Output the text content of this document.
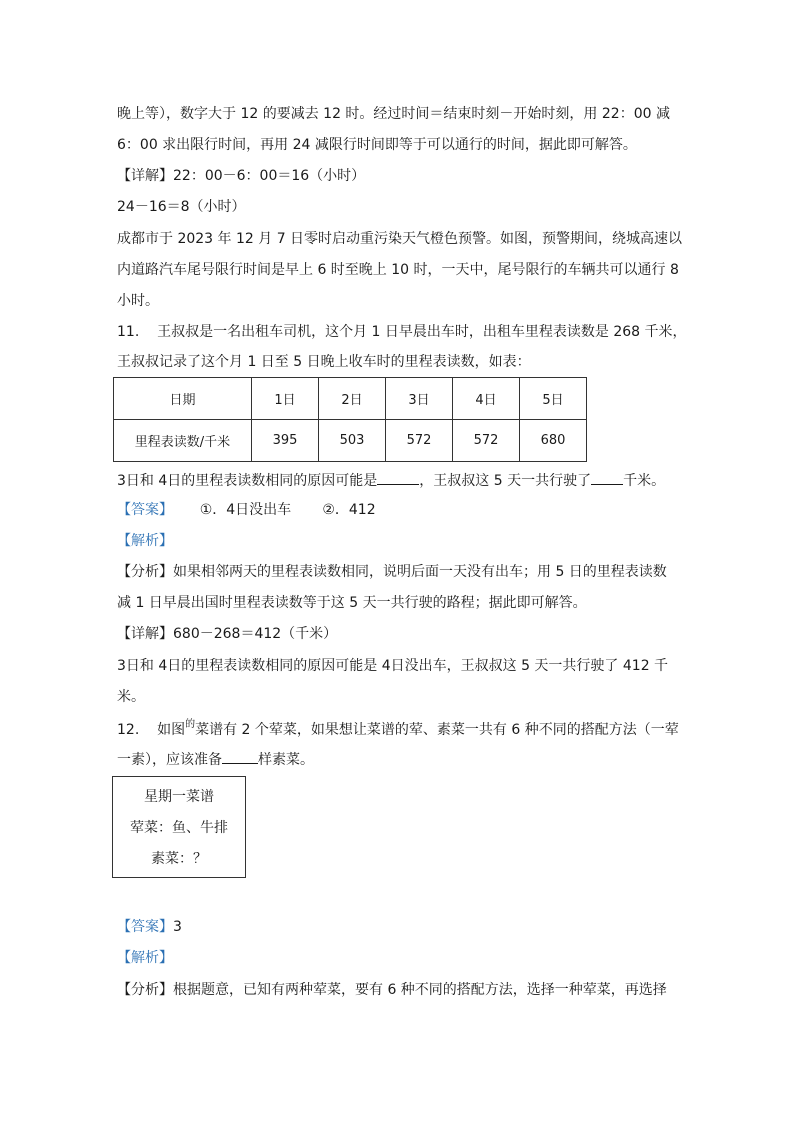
晚上等），数字大于 12 的要减去 12 时。经过时间＝结束时刻－开始时刻，用 22：00 减
6：00 求出限行时间，再用 24 减限行时间即等于可以通行的时间，据此即可解答。
【详解】22：00－6：00＝16（小时）
24－16＝8（小时）
成都市于 2023 年 12 月 7 日零时启动重污染天气橙色预警。如图，预警期间，绕城高速以
内道路汽车尾号限行时间是早上 6 时至晚上 10 时，一天中，尾号限行的车辆共可以通行 8
小时。
11. 王叔叔是一名出租车司机，这个月 1 日早晨出车时，出租车里程表读数是 268 千米，
王叔叔记录了这个月 1 日至 5 日晚上收车时的里程表读数，如表：
日期	1日	2日	3日	4日	5日
里程表读数/千米	395	503	572	572	680
3日和 4日的里程表读数相同的原因可能是	，王叔叔这 5 天一共行驶了 千米。
【答案】 ①．4日没出车 ②．412
【解析】
【分析】如果相邻两天的里程表读数相同，说明后面一天没有出车；用 5 日的里程表读数
减 1 日早晨出国时里程表读数等于这 5 天一共行驶的路程；据此即可解答。
【详解】680－268＝412（千米）
3日和 4日的里程表读数相同的原因可能是 4日没出车，王叔叔这 5 天一共行驶了 412 千
米。
12. 如图$^的$菜谱有 2 个荤菜，如果想让菜谱的荤、素菜一共有 6 种不同的搭配方法（一荤
一素），应该准备	样素菜。
星期一菜谱
荤菜：鱼、牛排
素菜：？
【答案】3
【解析】
【分析】根据题意，已知有两种荤菜，要有 6 种不同的搭配方法，选择一种荤菜，再选择
